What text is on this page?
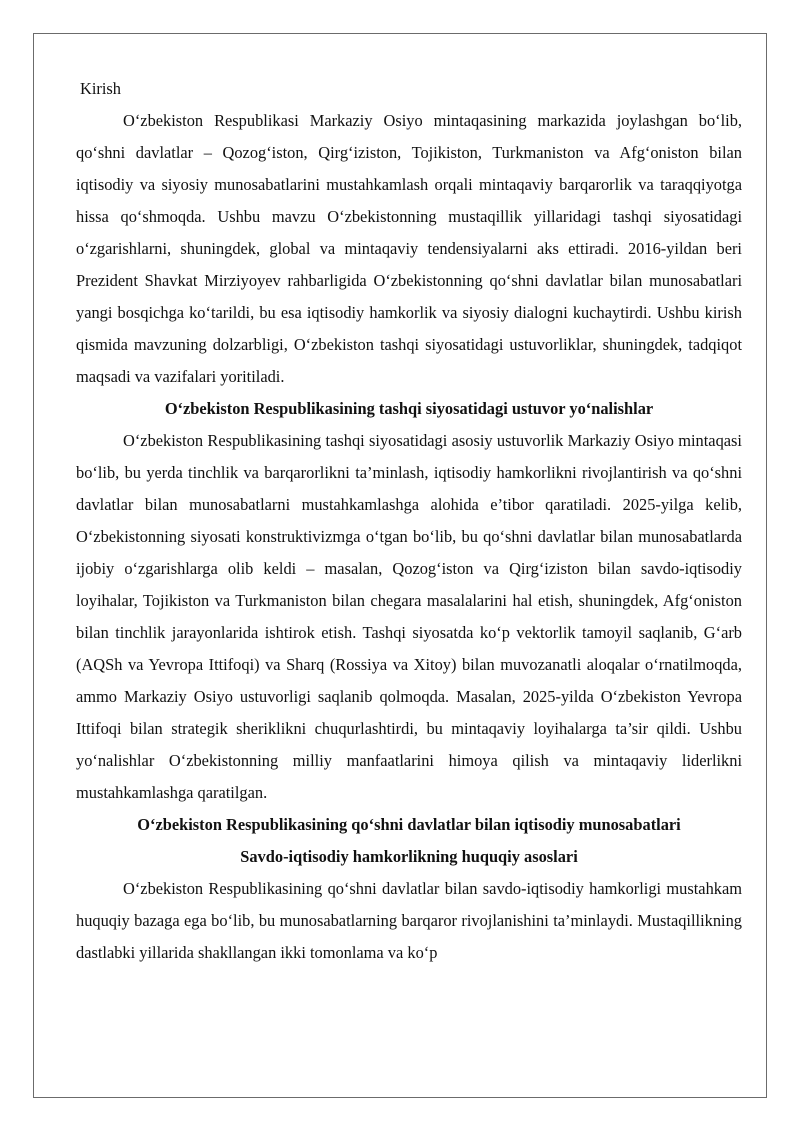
Kirish

O‘zbekiston Respublikasi Markaziy Osiyo mintaqasining markazida joylashgan bo‘lib, qo‘shni davlatlar – Qozog‘iston, Qirg‘iziston, Tojikiston, Turkmaniston va Afg‘oniston bilan iqtisodiy va siyosiy munosabatlarini mustahkamlash orqali mintaqaviy barqarorlik va taraqqiyotga hissa qo‘shmoqda. Ushbu mavzu O‘zbekistonning mustaqillik yillaridagi tashqi siyosatidagi o‘zgarishlarni, shuningdek, global va mintaqaviy tendensiyalarni aks ettiradi. 2016-yildan beri Prezident Shavkat Mirziyoyev rahbarligida O‘zbekistonning qo‘shni davlatlar bilan munosabatlari yangi bosqichga ko‘tarildi, bu esa iqtisodiy hamkorlik va siyosiy dialogni kuchaytirdi. Ushbu kirish qismida mavzuning dolzarbligi, O‘zbekiston tashqi siyosatidagi ustuvorliklar, shuningdek, tadqiqot maqsadi va vazifalari yoritiladi.

O‘zbekiston Respublikasining tashqi siyosatidagi ustuvor yo‘nalishlar

O‘zbekiston Respublikasining tashqi siyosatidagi asosiy ustuvorlik Markaziy Osiyo mintaqasi bo‘lib, bu yerda tinchlik va barqarorlikni ta’minlash, iqtisodiy hamkorlikni rivojlantirish va qo‘shni davlatlar bilan munosabatlarni mustahkamlashga alohida e’tibor qaratiladi. 2025-yilga kelib, O‘zbekistonning siyosati konstruktivizmga o‘tgan bo‘lib, bu qo‘shni davlatlar bilan munosabatlarda ijobiy o‘zgarishlarga olib keldi – masalan, Qozog‘iston va Qirg‘iziston bilan savdo-iqtisodiy loyihalar, Tojikiston va Turkmaniston bilan chegara masalalarini hal etish, shuningdek, Afg‘oniston bilan tinchlik jarayonlarida ishtirok etish. Tashqi siyosatda ko‘p vektorlik tamoyil saqlanib, G‘arb (AQSh va Yevropa Ittifoqi) va Sharq (Rossiya va Xitoy) bilan muvozanatli aloqalar o‘rnatilmoqda, ammo Markaziy Osiyo ustuvorligi saqlanib qolmoqda. Masalan, 2025-yilda O‘zbekiston Yevropa Ittifoqi bilan strategik sheriklikni chuqurlashtirdi, bu mintaqaviy loyihalarga ta’sir qildi. Ushbu yo‘nalishlar O‘zbekistonning milliy manfaatlarini himoya qilish va mintaqaviy liderlikni mustahkamlashga qaratilgan.

O‘zbekiston Respublikasining qo‘shni davlatlar bilan iqtisodiy munosabatlari
Savdo-iqtisodiy hamkorlikning huquqiy asoslari

O‘zbekiston Respublikasining qo‘shni davlatlar bilan savdo-iqtisodiy hamkorligi mustahkam huquqiy bazaga ega bo‘lib, bu munosabatlarning barqaror rivojlanishini ta’minlaydi. Mustaqillikning dastlabki yillarida shakllangan ikki tomonlama va ko‘p
